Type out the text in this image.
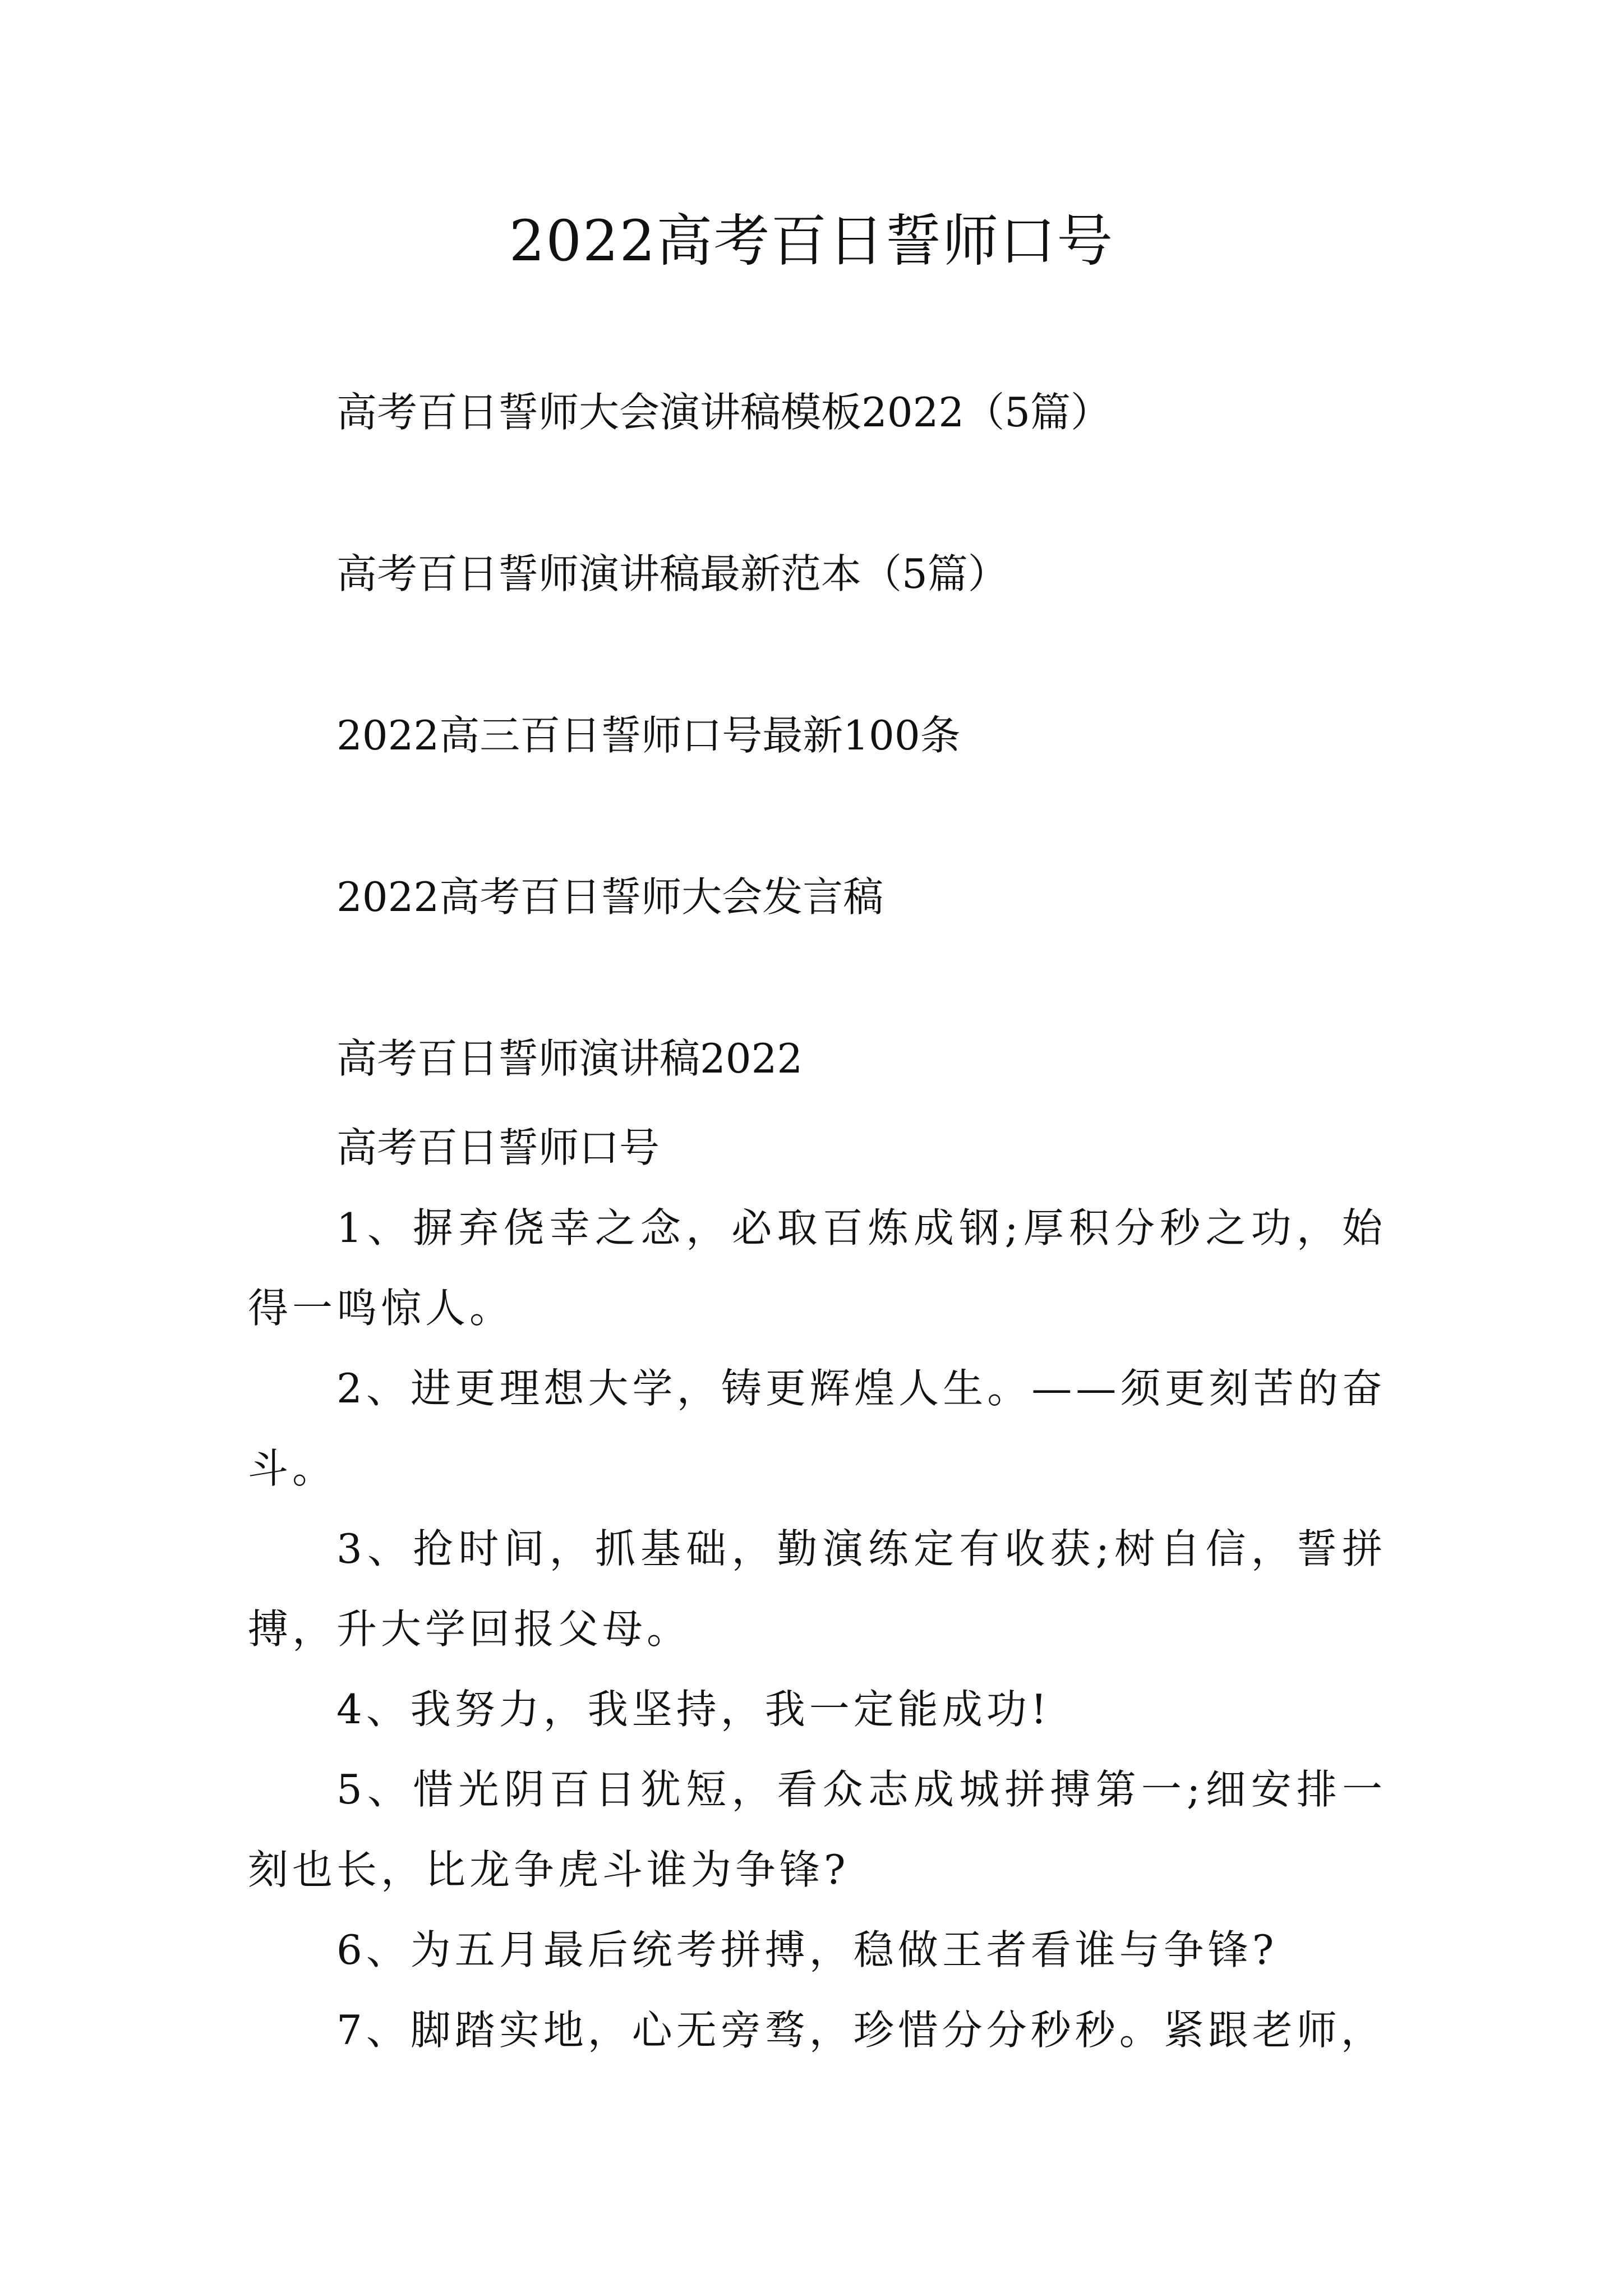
2022高考百日誓师口号
高考百日誓师大会演讲稿模板2022（5篇）
高考百日誓师演讲稿最新范本（5篇）
2022高三百日誓师口号最新100条
2022高考百日誓师大会发言稿
高考百日誓师演讲稿2022

高考百日誓师口号

1、摒弃侥幸之念，必取百炼成钢;厚积分秒之功，始得一鸣惊人。
2、进更理想大学，铸更辉煌人生。——须更刻苦的奋斗。
3、抢时间，抓基础，勤演练定有收获;树自信，誓拼搏，升大学回报父母。
4、我努力，我坚持，我一定能成功!
5、惜光阴百日犹短，看众志成城拼搏第一;细安排一刻也长，比龙争虎斗谁为争锋?
6、为五月最后统考拼搏，稳做王者看谁与争锋?
7、脚踏实地，心无旁骛，珍惜分分秒秒。紧跟老师，
